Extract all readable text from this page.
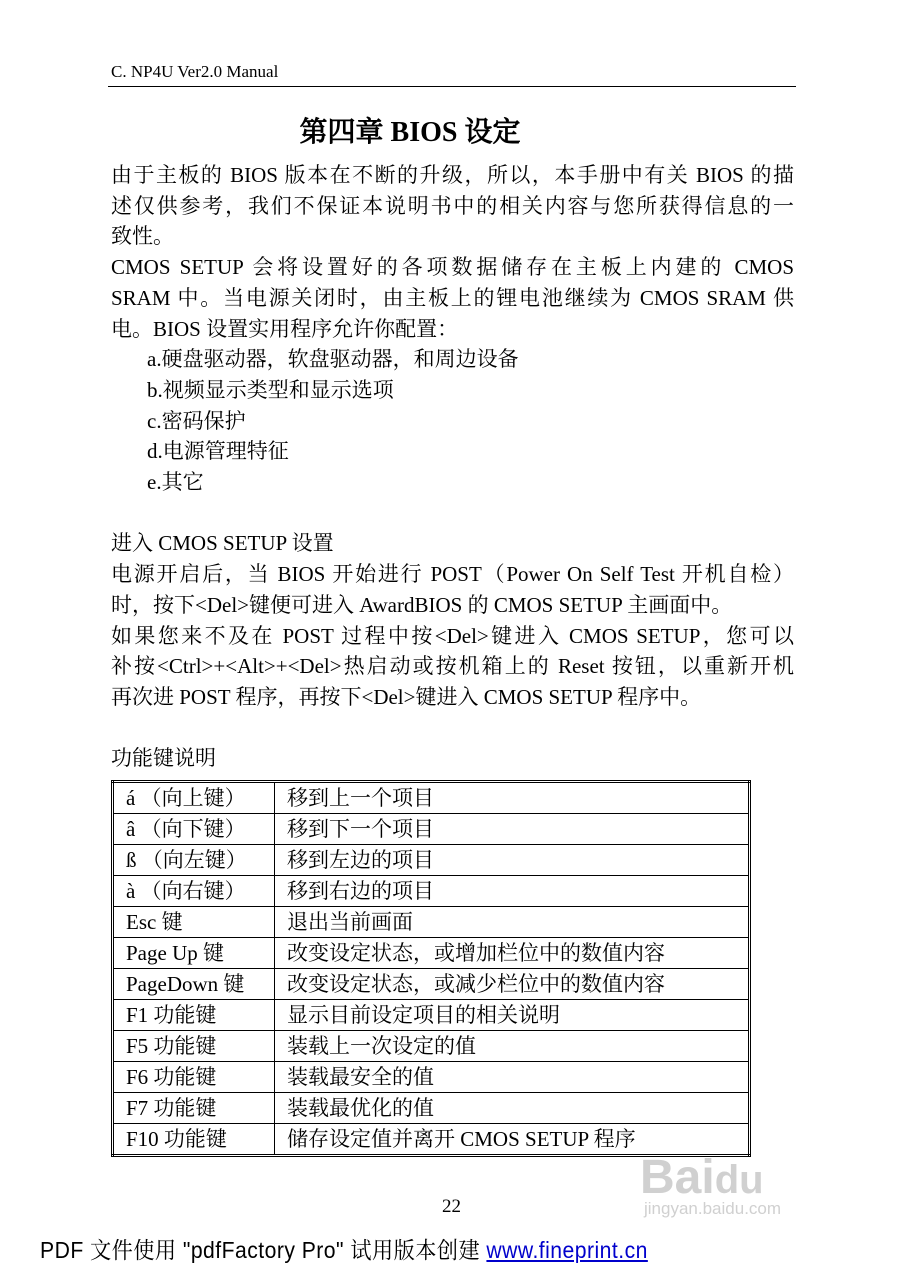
C. NP4U Ver2.0 Manual
第四章 BIOS 设定
由于主板的 BIOS 版本在不断的升级，所以，本手册中有关 BIOS 的描
述仅供参考，我们不保证本说明书中的相关内容与您所获得信息的一
致性。
CMOS SETUP 会将设置好的各项数据储存在主板上内建的 CMOS
SRAM 中。当电源关闭时，由主板上的锂电池继续为 CMOS SRAM 供
电。BIOS 设置实用程序允许你配置：
a.硬盘驱动器，软盘驱动器，和周边设备
b.视频显示类型和显示选项
c.密码保护
d.电源管理特征
e.其它
进入 CMOS SETUP 设置
电源开启后，当 BIOS 开始进行 POST（Power On Self Test 开机自检）
时，按下<Del>键便可进入 AwardBIOS 的 CMOS SETUP 主画面中。
如果您来不及在 POST 过程中按<Del>键进入 CMOS SETUP，您可以
补按<Ctrl>+<Alt>+<Del>热启动或按机箱上的 Reset 按钮，以重新开机
再次进 POST 程序，再按下<Del>键进入 CMOS SETUP 程序中。
功能键说明
á （向上键）	移到上一个项目
â （向下键）	移到下一个项目
ß （向左键）	移到左边的项目
à （向右键）	移到右边的项目
Esc 键	退出当前画面
Page Up 键	改变设定状态，或增加栏位中的数值内容
PageDown 键	改变设定状态，或减少栏位中的数值内容
F1 功能键	显示目前设定项目的相关说明
F5 功能键	装载上一次设定的值
F6 功能键	装载最安全的值
F7 功能键	装载最优化的值
F10 功能键	储存设定值并离开 CMOS SETUP 程序
22
Baidu
jingyan.baidu.com
PDF 文件使用 "pdfFactory Pro" 试用版本创建 www.fineprint.cn
